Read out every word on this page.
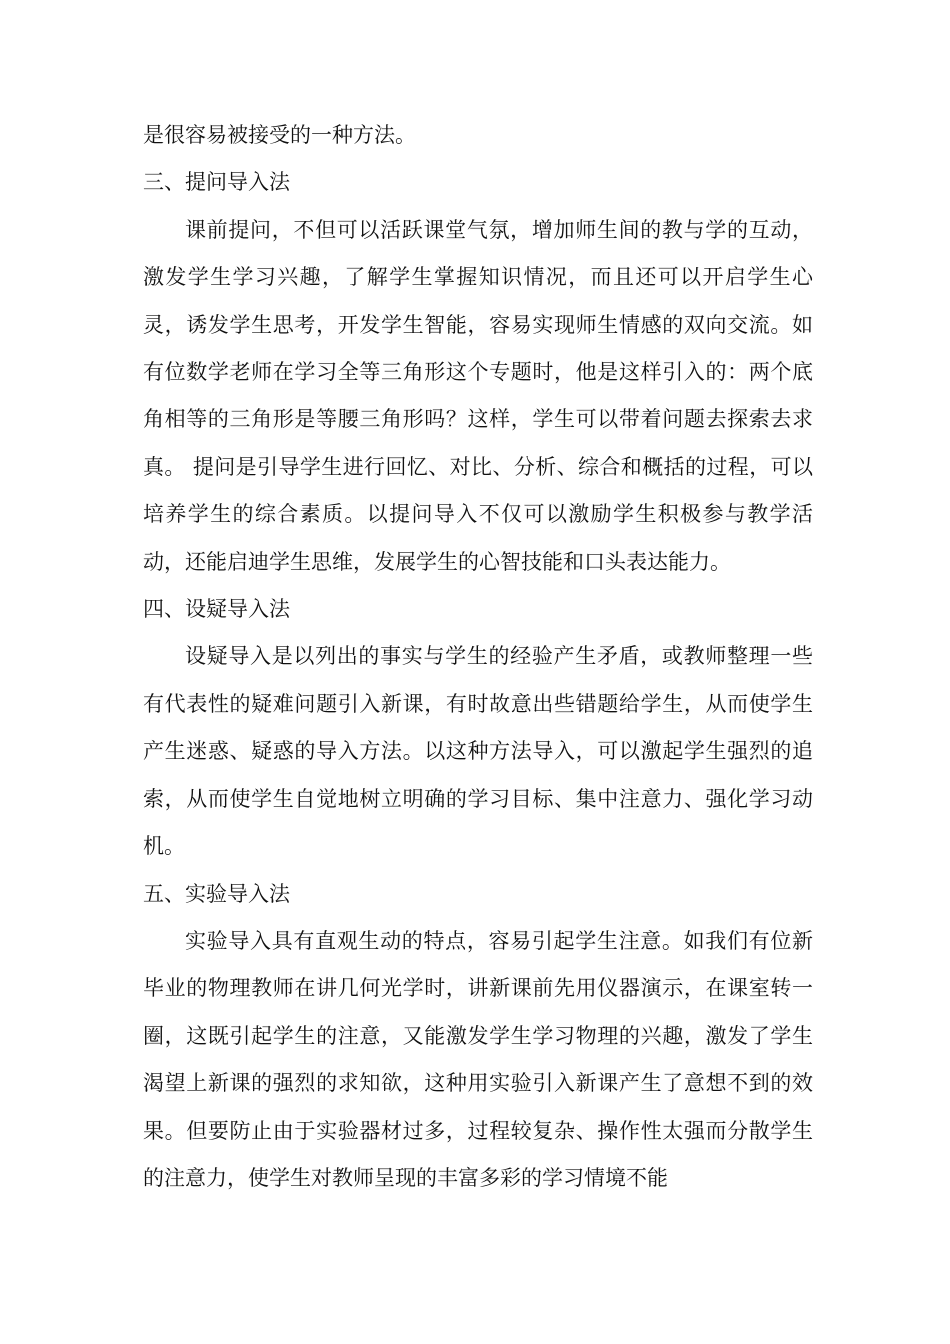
是很容易被接受的一种方法。

三、提问导入法

课前提问，不但可以活跃课堂气氛，增加师生间的教与学的互动，激发学生学习兴趣，了解学生掌握知识情况，而且还可以开启学生心灵，诱发学生思考，开发学生智能，容易实现师生情感的双向交流。如有位数学老师在学习全等三角形这个专题时，他是这样引入的：两个底角相等的三角形是等腰三角形吗？这样，学生可以带着问题去探索去求真。 提问是引导学生进行回忆、对比、分析、综合和概括的过程，可以培养学生的综合素质。以提问导入不仅可以激励学生积极参与教学活动，还能启迪学生思维，发展学生的心智技能和口头表达能力。

四、设疑导入法

设疑导入是以列出的事实与学生的经验产生矛盾，或教师整理一些有代表性的疑难问题引入新课，有时故意出些错题给学生，从而使学生产生迷惑、疑惑的导入方法。以这种方法导入，可以激起学生强烈的追索，从而使学生自觉地树立明确的学习目标、集中注意力、强化学习动机。

五、实验导入法

实验导入具有直观生动的特点，容易引起学生注意。如我们有位新毕业的物理教师在讲几何光学时，讲新课前先用仪器演示，在课室转一圈，这既引起学生的注意，又能激发学生学习物理的兴趣，激发了学生渴望上新课的强烈的求知欲，这种用实验引入新课产生了意想不到的效果。但要防止由于实验器材过多，过程较复杂、操作性太强而分散学生的注意力，使学生对教师呈现的丰富多彩的学习情境不能
